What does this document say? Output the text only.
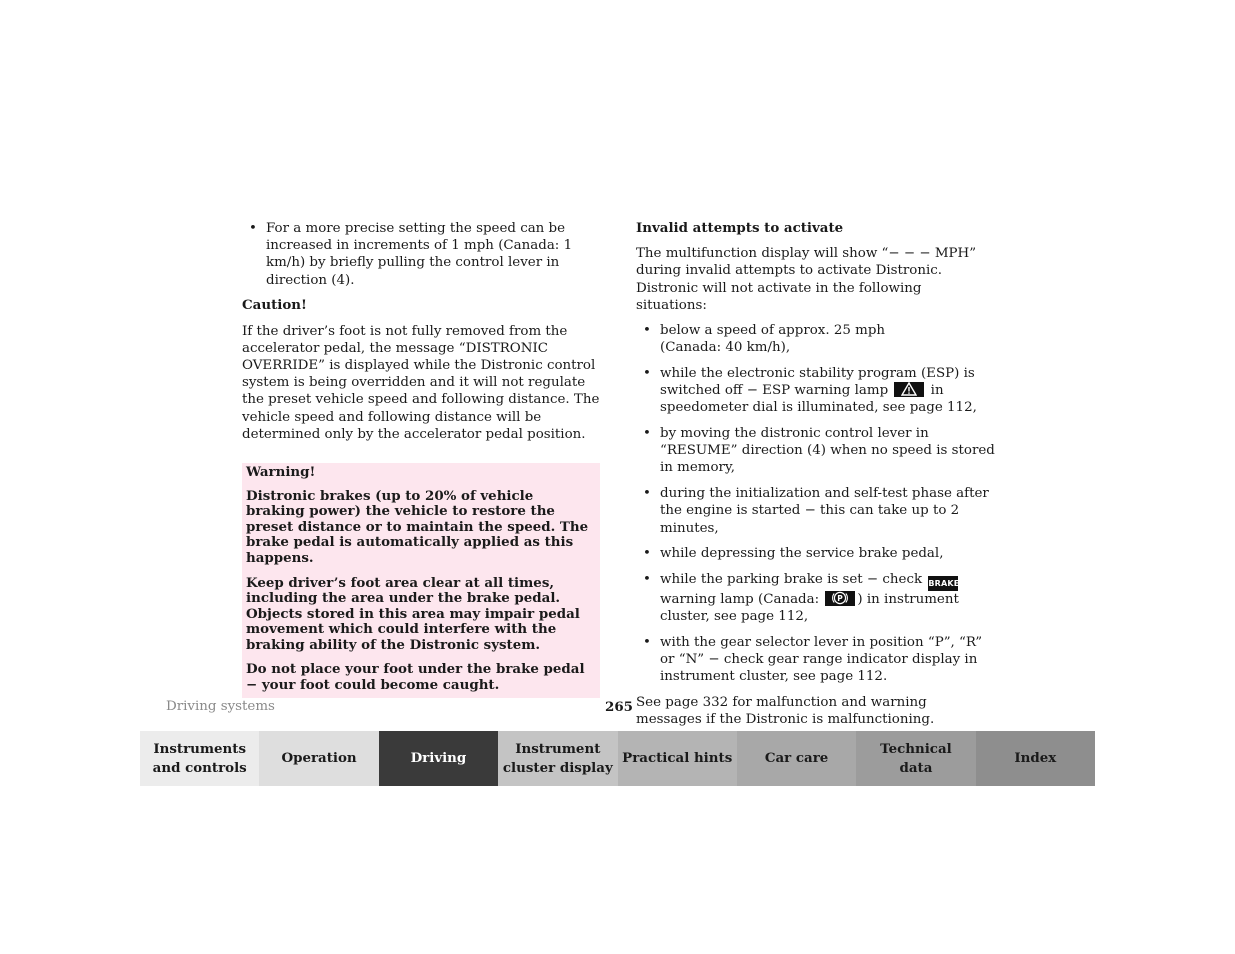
• For a more precise setting the speed can be increased in increments of 1 mph (Canada: 1 km/h) by briefly pulling the control lever in direction (4).
Caution!

If the driver’s foot is not fully removed from the accelerator pedal, the message “DISTRONIC OVERRIDE” is displayed while the Distronic control system is being overridden and it will not regulate the preset vehicle speed and following distance. The vehicle speed and following distance will be determined only by the accelerator pedal position.

Warning!

Distronic brakes (up to 20% of vehicle braking power) the vehicle to restore the preset distance or to maintain the speed. The brake pedal is automatically applied as this happens.

Keep driver’s foot area clear at all times, including the area under the brake pedal. Objects stored in this area may impair pedal movement which could interfere with the braking ability of the Distronic system.

Do not place your foot under the brake pedal − your foot could become caught.

Invalid attempts to activate

The multifunction display will show “− − − MPH” during invalid attempts to activate Distronic. Distronic will not activate in the following situations:

• below a speed of approx. 25 mph
(Canada: 40 km/h),
• while the electronic stability program (ESP) is switched off − ESP warning lamp	in speedometer dial is illuminated, see page 112,
• by moving the distronic control lever in “RESUME” direction (4) when no speed is stored in memory,
• during the initialization and self-test phase after the engine is started − this can take up to 2 minutes,
• while depressing the service brake pedal,
• while the parking brake is set − check BRAKE warning lamp (Canada: P ) in instrument cluster, see page 112,
• with the gear selector lever in position “P”, “R” or “N” − check gear range indicator display in instrument cluster, see page 112.

See page 332 for malfunction and warning messages if the Distronic is malfunctioning.

Driving systems	265
Instruments
and controls
Operation	Driving
Instrument
cluster display
Practical hints	Car care
Technical
data
Index
